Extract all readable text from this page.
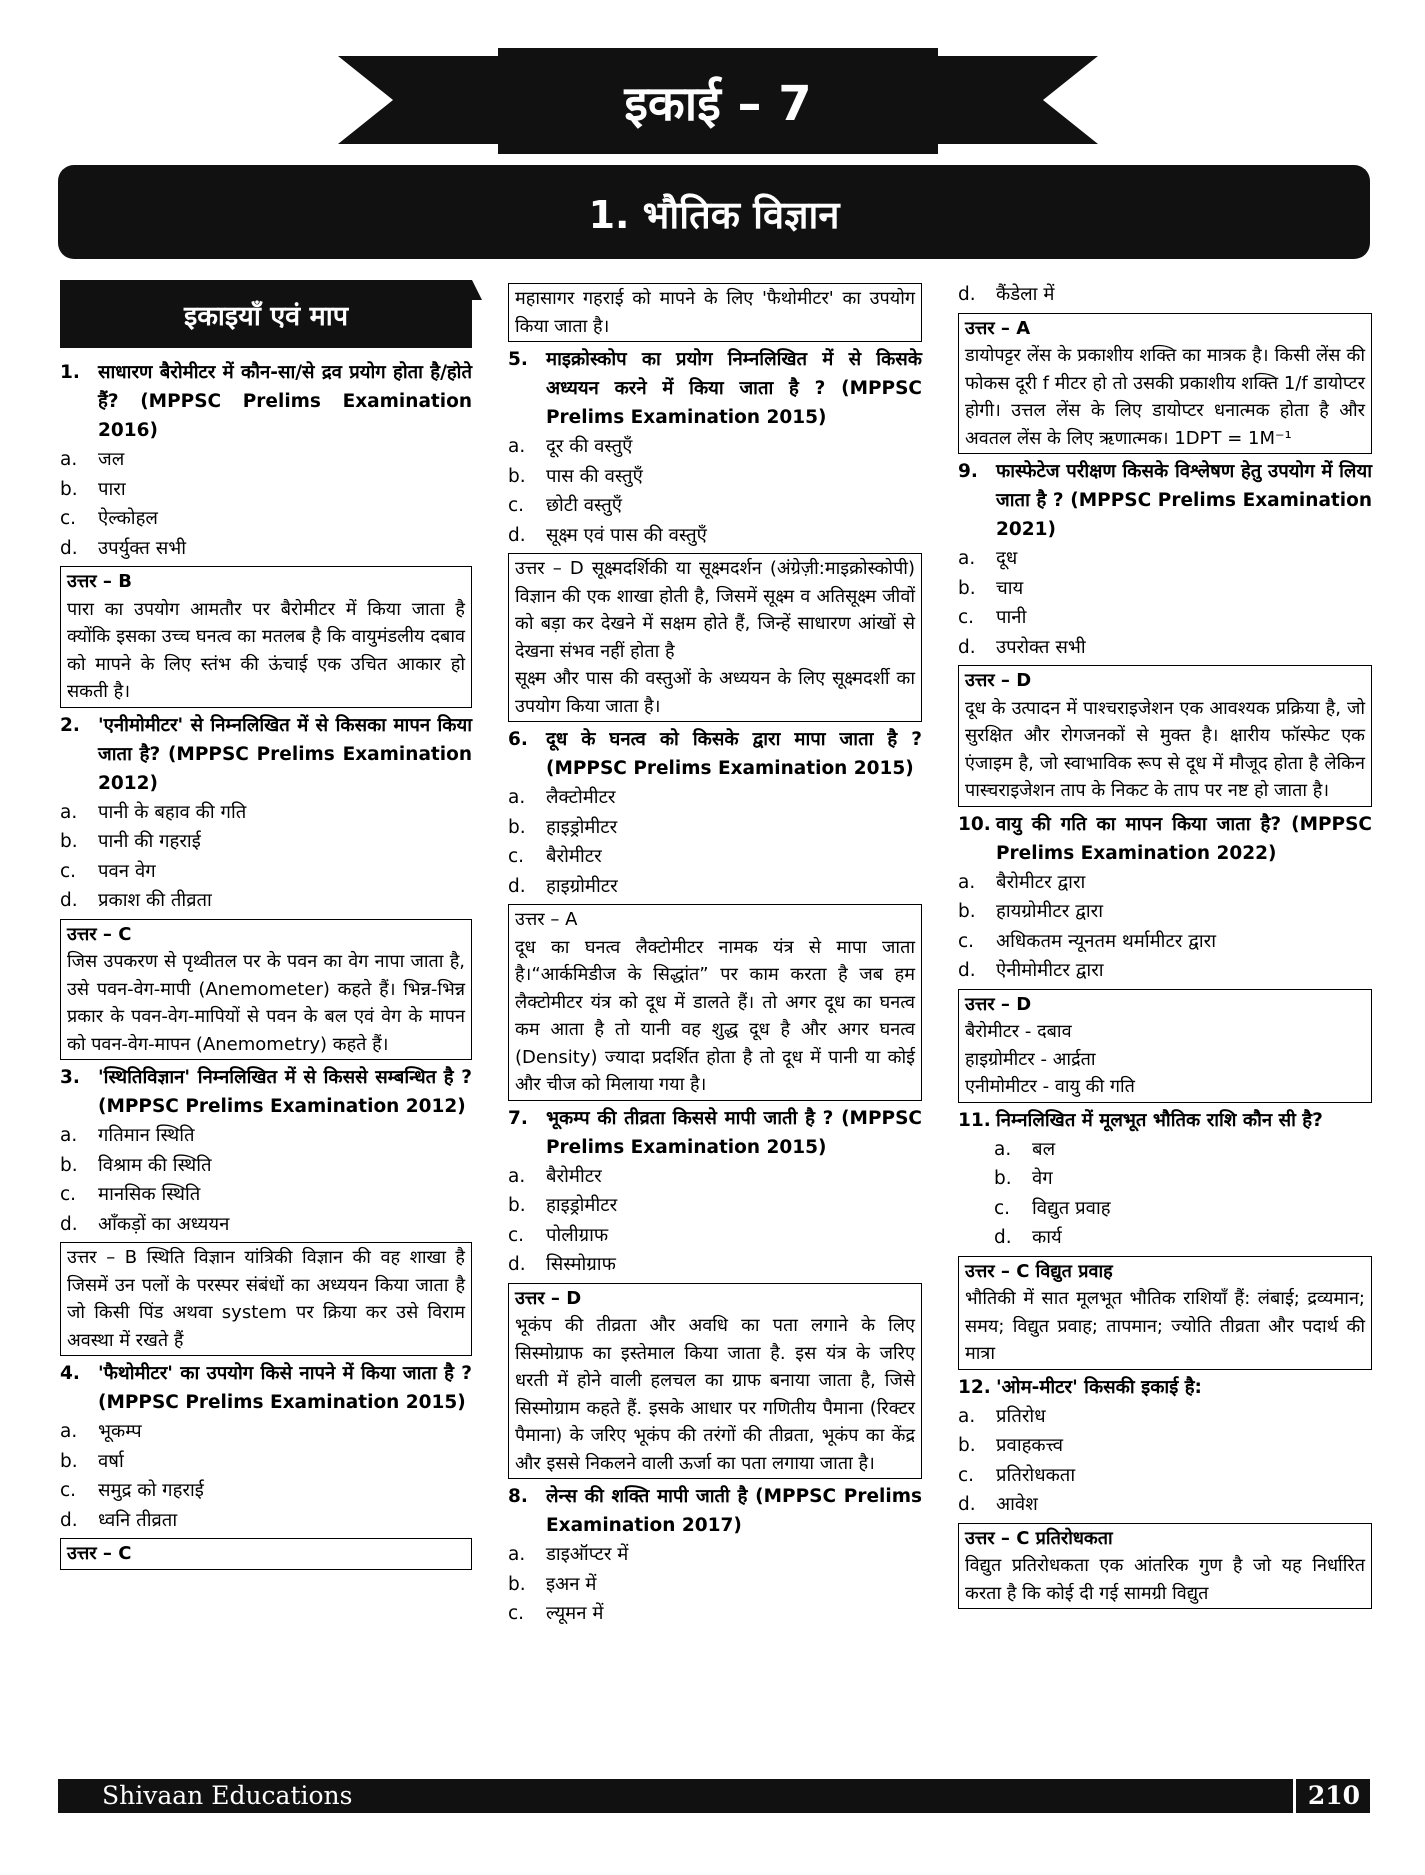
इकाई – 7
1. भौतिक विज्ञान
इकाइयाँ एवं माप
1. साधारण बैरोमीटर में कौन-सा/से द्रव प्रयोग होता है/होते हैं? (MPPSC Prelims Examination 2016)
a.	जल
b.	पारा
c.	ऐल्कोहल
d.	उपर्युक्त सभी
उत्तर – B
पारा का उपयोग आमतौर पर बैरोमीटर में किया जाता है क्योंकि इसका उच्च घनत्व का मतलब है कि वायुमंडलीय दबाव को मापने के लिए स्तंभ की ऊंचाई एक उचित आकार हो सकती है।
2. 'एनीमोमीटर' से निम्नलिखित में से किसका मापन किया जाता है? (MPPSC Prelims Examination 2012)
a.	पानी के बहाव की गति
b.	पानी की गहराई
c.	पवन वेग
d.	प्रकाश की तीव्रता
उत्तर – C
जिस उपकरण से पृथ्वीतल पर के पवन का वेग नापा जाता है, उसे पवन-वेग-मापी (Anemometer) कहते हैं। भिन्न-भिन्न प्रकार के पवन-वेग-मापियों से पवन के बल एवं वेग के मापन को पवन-वेग-मापन (Anemometry) कहते हैं।
3. 'स्थितिविज्ञान' निम्नलिखित में से किससे सम्बन्धित है ? (MPPSC Prelims Examination 2012)
a.	गतिमान स्थिति
b.	विश्राम की स्थिति
c.	मानसिक स्थिति
d.	आँकड़ों का अध्ययन
उत्तर – B स्थिति विज्ञान यांत्रिकी विज्ञान की वह शाखा है जिसमें उन पलों के परस्पर संबंधों का अध्ययन किया जाता है जो किसी पिंड अथवा system पर क्रिया कर उसे विराम अवस्था में रखते हैं
4. 'फैथोमीटर' का उपयोग किसे नापने में किया जाता है ? (MPPSC Prelims Examination 2015)
a.	भूकम्प
b.	वर्षा
c.	समुद्र को गहराई
d.	ध्वनि तीव्रता
उत्तर – C
महासागर गहराई को मापने के लिए 'फैथोमीटर' का उपयोग किया जाता है।
5. माइक्रोस्कोप का प्रयोग निम्नलिखित में से किसके अध्ययन करने में किया जाता है ? (MPPSC Prelims Examination 2015)
a.	दूर की वस्तुएँ
b.	पास की वस्तुएँ
c.	छोटी वस्तुएँ
d.	सूक्ष्म एवं पास की वस्तुएँ
उत्तर – D सूक्ष्मदर्शिकी या सूक्ष्मदर्शन (अंग्रेज़ी:माइक्रोस्कोपी) विज्ञान की एक शाखा होती है, जिसमें सूक्ष्म व अतिसूक्ष्म जीवों को बड़ा कर देखने में सक्षम होते हैं, जिन्हें साधारण आंखों से देखना संभव नहीं होता है
सूक्ष्म और पास की वस्तुओं के अध्ययन के लिए सूक्ष्मदर्शी का उपयोग किया जाता है।
6. दूध के घनत्व को किसके द्वारा मापा जाता है ? (MPPSC Prelims Examination 2015)
a.	लैक्टोमीटर
b.	हाइड्रोमीटर
c.	बैरोमीटर
d.	हाइग्रोमीटर
उत्तर – A
दूध का घनत्व लैक्टोमीटर नामक यंत्र से मापा जाता है।“आर्कमिडीज के सिद्धांत” पर काम करता है जब हम लैक्टोमीटर यंत्र को दूध में डालते हैं। तो अगर दूध का घनत्व कम आता है तो यानी वह शुद्ध दूध है और अगर घनत्व (Density) ज्यादा प्रदर्शित होता है तो दूध में पानी या कोई और चीज को मिलाया गया है।
7. भूकम्प की तीव्रता किससे मापी जाती है ? (MPPSC Prelims Examination 2015)
a.	बैरोमीटर
b.	हाइड्रोमीटर
c.	पोलीग्राफ
d.	सिस्मोग्राफ
उत्तर – D
भूकंप की तीव्रता और अवधि का पता लगाने के लिए सिस्मोग्राफ का इस्तेमाल किया जाता है. इस यंत्र के जरिए धरती में होने वाली हलचल का ग्राफ बनाया जाता है, जिसे सिस्मोग्राम कहते हैं. इसके आधार पर गणितीय पैमाना (रिक्टर पैमाना) के जरिए भूकंप की तरंगों की तीव्रता, भूकंप का केंद्र और इससे निकलने वाली ऊर्जा का पता लगाया जाता है।
8. लेन्स की शक्ति मापी जाती है (MPPSC Prelims Examination 2017)
a.	डाइऑप्टर में
b.	इअन में
c.	ल्यूमन में
d.	कैंडेला में
उत्तर – A
डायोपट्टर लेंस के प्रकाशीय शक्ति का मात्रक है। किसी लेंस की फोकस दूरी f मीटर हो तो उसकी प्रकाशीय शक्ति 1/f डायोप्टर होगी। उत्तल लेंस के लिए डायोप्टर धनात्मक होता है और अवतल लेंस के लिए ऋणात्मक। 1DPT = 1M⁻¹
9. फास्फेटेज परीक्षण किसके विश्लेषण हेतु उपयोग में लिया जाता है ? (MPPSC Prelims Examination 2021)
a.	दूध
b.	चाय
c.	पानी
d.	उपरोक्त सभी
उत्तर – D
दूध के उत्पादन में पाश्चराइजेशन एक आवश्यक प्रक्रिया है, जो सुरक्षित और रोगजनकों से मुक्त है। क्षारीय फॉस्फेट एक एंजाइम है, जो स्वाभाविक रूप से दूध में मौजूद होता है लेकिन पास्चराइजेशन ताप के निकट के ताप पर नष्ट हो जाता है।
10. वायु की गति का मापन किया जाता है? (MPPSC Prelims Examination 2022)
a.	बैरोमीटर द्वारा
b.	हायग्रोमीटर द्वारा
c.	अधिकतम न्यूनतम थर्मामीटर द्वारा
d.	ऐनीमोमीटर द्वारा
उत्तर – D
बैरोमीटर - दबाव
हाइग्रोमीटर - आर्द्रता
एनीमोमीटर - वायु की गति
11. निम्नलिखित में मूलभूत भौतिक राशि कौन सी है?
a.	बल
b.	वेग
c.	विद्युत प्रवाह
d.	कार्य
उत्तर – C विद्युत प्रवाह
भौतिकी में सात मूलभूत भौतिक राशियाँ हैं: लंबाई; द्रव्यमान; समय; विद्युत प्रवाह; तापमान; ज्योति तीव्रता और पदार्थ की मात्रा
12. 'ओम-मीटर' किसकी इकाई है:
a.	प्रतिरोध
b.	प्रवाहकत्त्व
c.	प्रतिरोधकता
d.	आवेश
उत्तर – C प्रतिरोधकता
विद्युत प्रतिरोधकता एक आंतरिक गुण है जो यह निर्धारित करता है कि कोई दी गई सामग्री विद्युत
Shivaan Educations	210
